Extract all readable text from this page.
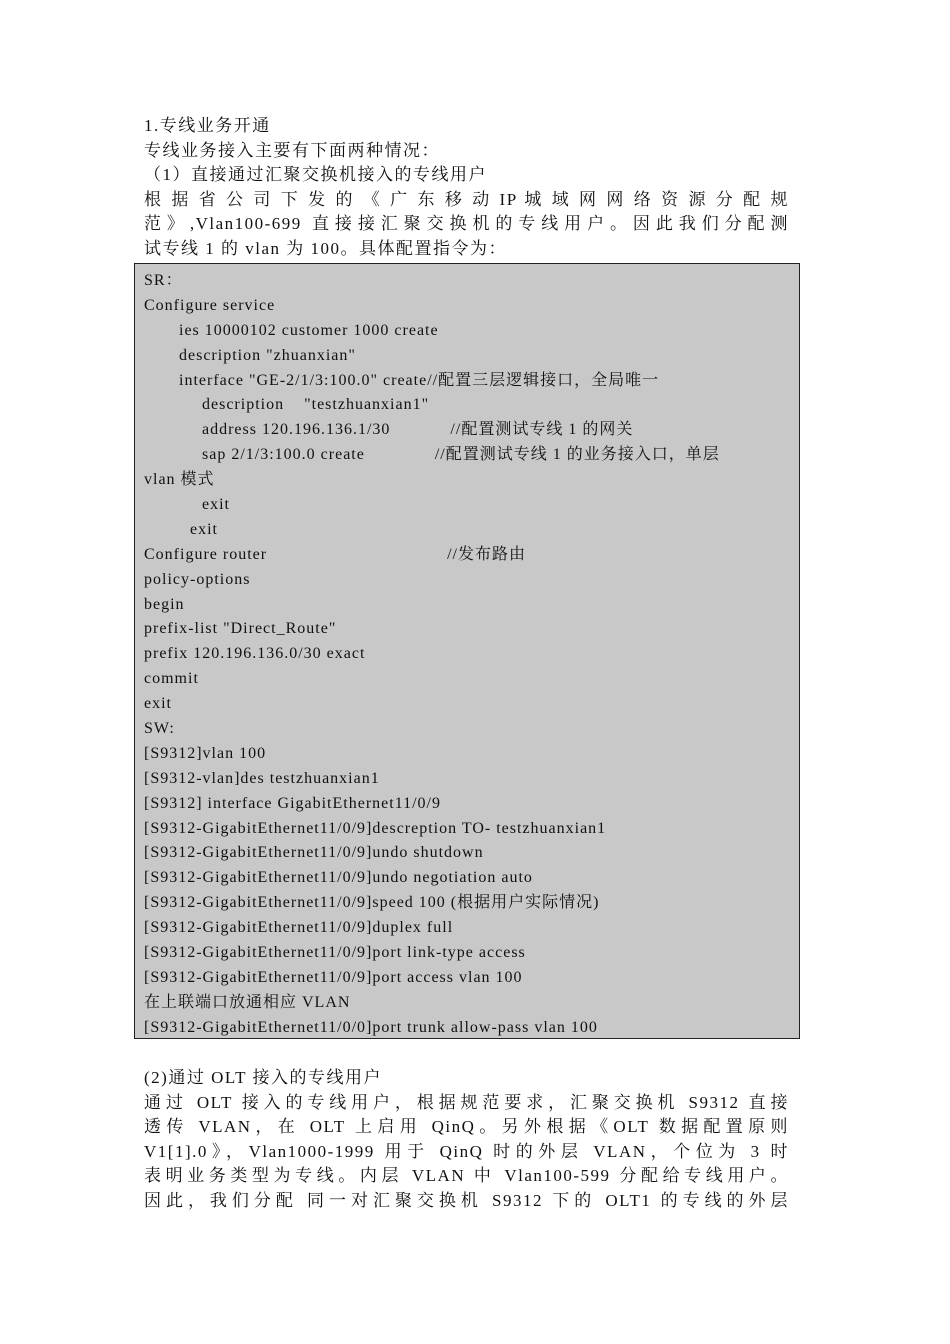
1.专线业务开通
专线业务接入主要有下面两种情况：
（1）直接通过汇聚交换机接入的专线用户
根 据 省 公 司 下 发 的 《 广 东 移 动 IP 城 域 网 网 络 资 源 分 配 规
范》,Vlan100-699 直接接汇聚交换机的专线用户。因此我们分配测
试专线 1 的 vlan 为 100。具体配置指令为：
SR：
Configure service
ies 10000102 customer 1000 create
description "zhuanxian"
interface "GE-2/1/3:100.0" create//配置三层逻辑接口，全局唯一
description    "testzhuanxian1"
address 120.196.136.1/30            //配置测试专线 1 的网关
sap 2/1/3:100.0 create              //配置测试专线 1 的业务接入口，单层
vlan 模式
exit
exit
Configure router                                    //发布路由
policy-options
begin
prefix-list "Direct_Route"
prefix 120.196.136.0/30 exact
commit
exit
SW:
[S9312]vlan 100
[S9312-vlan]des testzhuanxian1
[S9312] interface GigabitEthernet11/0/9
[S9312-GigabitEthernet11/0/9]descreption TO- testzhuanxian1
[S9312-GigabitEthernet11/0/9]undo shutdown
[S9312-GigabitEthernet11/0/9]undo negotiation auto
[S9312-GigabitEthernet11/0/9]speed 100 (根据用户实际情况)
[S9312-GigabitEthernet11/0/9]duplex full
[S9312-GigabitEthernet11/0/9]port link-type access
[S9312-GigabitEthernet11/0/9]port access vlan 100
在上联端口放通相应 VLAN
[S9312-GigabitEthernet11/0/0]port trunk allow-pass vlan 100
(2)通过 OLT 接入的专线用户
通过 OLT 接入的专线用户，根据规范要求，汇聚交换机 S9312 直接
透传 VLAN，在 OLT 上启用 QinQ。另外根据《OLT 数据配置原则
V1[1].0》，Vlan1000-1999 用于 QinQ 时的外层 VLAN，个位为 3 时
表明业务类型为专线。内层 VLAN 中 Vlan100-599 分配给专线用户。
因此，我们分配 同一对汇聚交换机 S9312 下的 OLT1 的专线的外层
